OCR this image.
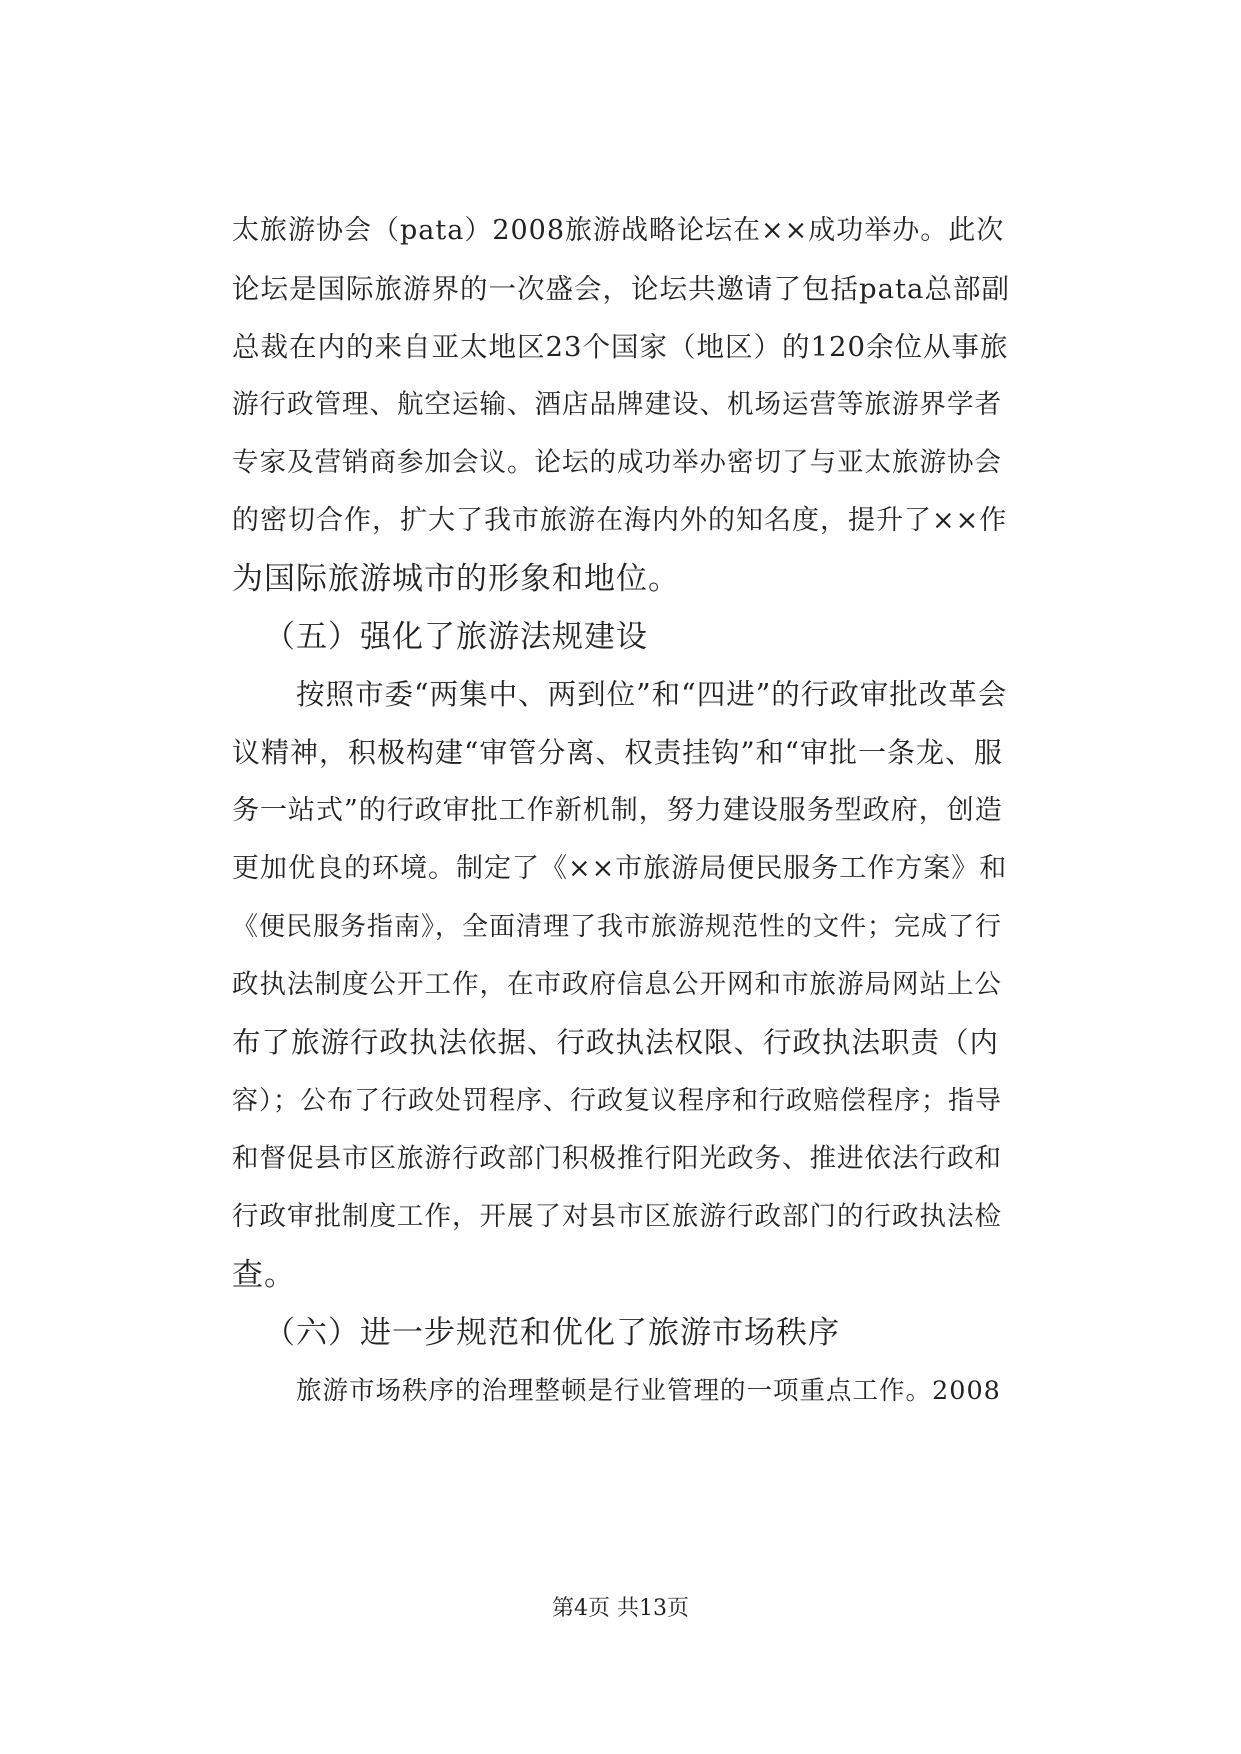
太旅游协会（pata）2008旅游战略论坛在××成功举办。此次
论坛是国际旅游界的一次盛会，论坛共邀请了包括pata总部副
总裁在内的来自亚太地区23个国家（地区）的120余位从事旅
游行政管理、航空运输、酒店品牌建设、机场运营等旅游界学者
专家及营销商参加会议。论坛的成功举办密切了与亚太旅游协会
的密切合作，扩大了我市旅游在海内外的知名度，提升了××作
为国际旅游城市的形象和地位。
（五）强化了旅游法规建设
按照市委“两集中、两到位”和“四进”的行政审批改革会
议精神，积极构建“审管分离、权责挂钩”和“审批一条龙、服
务一站式”的行政审批工作新机制，努力建设服务型政府，创造
更加优良的环境。制定了《××市旅游局便民服务工作方案》和
《便民服务指南》，全面清理了我市旅游规范性的文件；完成了行
政执法制度公开工作，在市政府信息公开网和市旅游局网站上公
布了旅游行政执法依据、行政执法权限、行政执法职责（内
容）；公布了行政处罚程序、行政复议程序和行政赔偿程序；指导
和督促县市区旅游行政部门积极推行阳光政务、推进依法行政和
行政审批制度工作，开展了对县市区旅游行政部门的行政执法检
查。
（六）进一步规范和优化了旅游市场秩序
旅游市场秩序的治理整顿是行业管理的一项重点工作。2008
第4页 共13页
